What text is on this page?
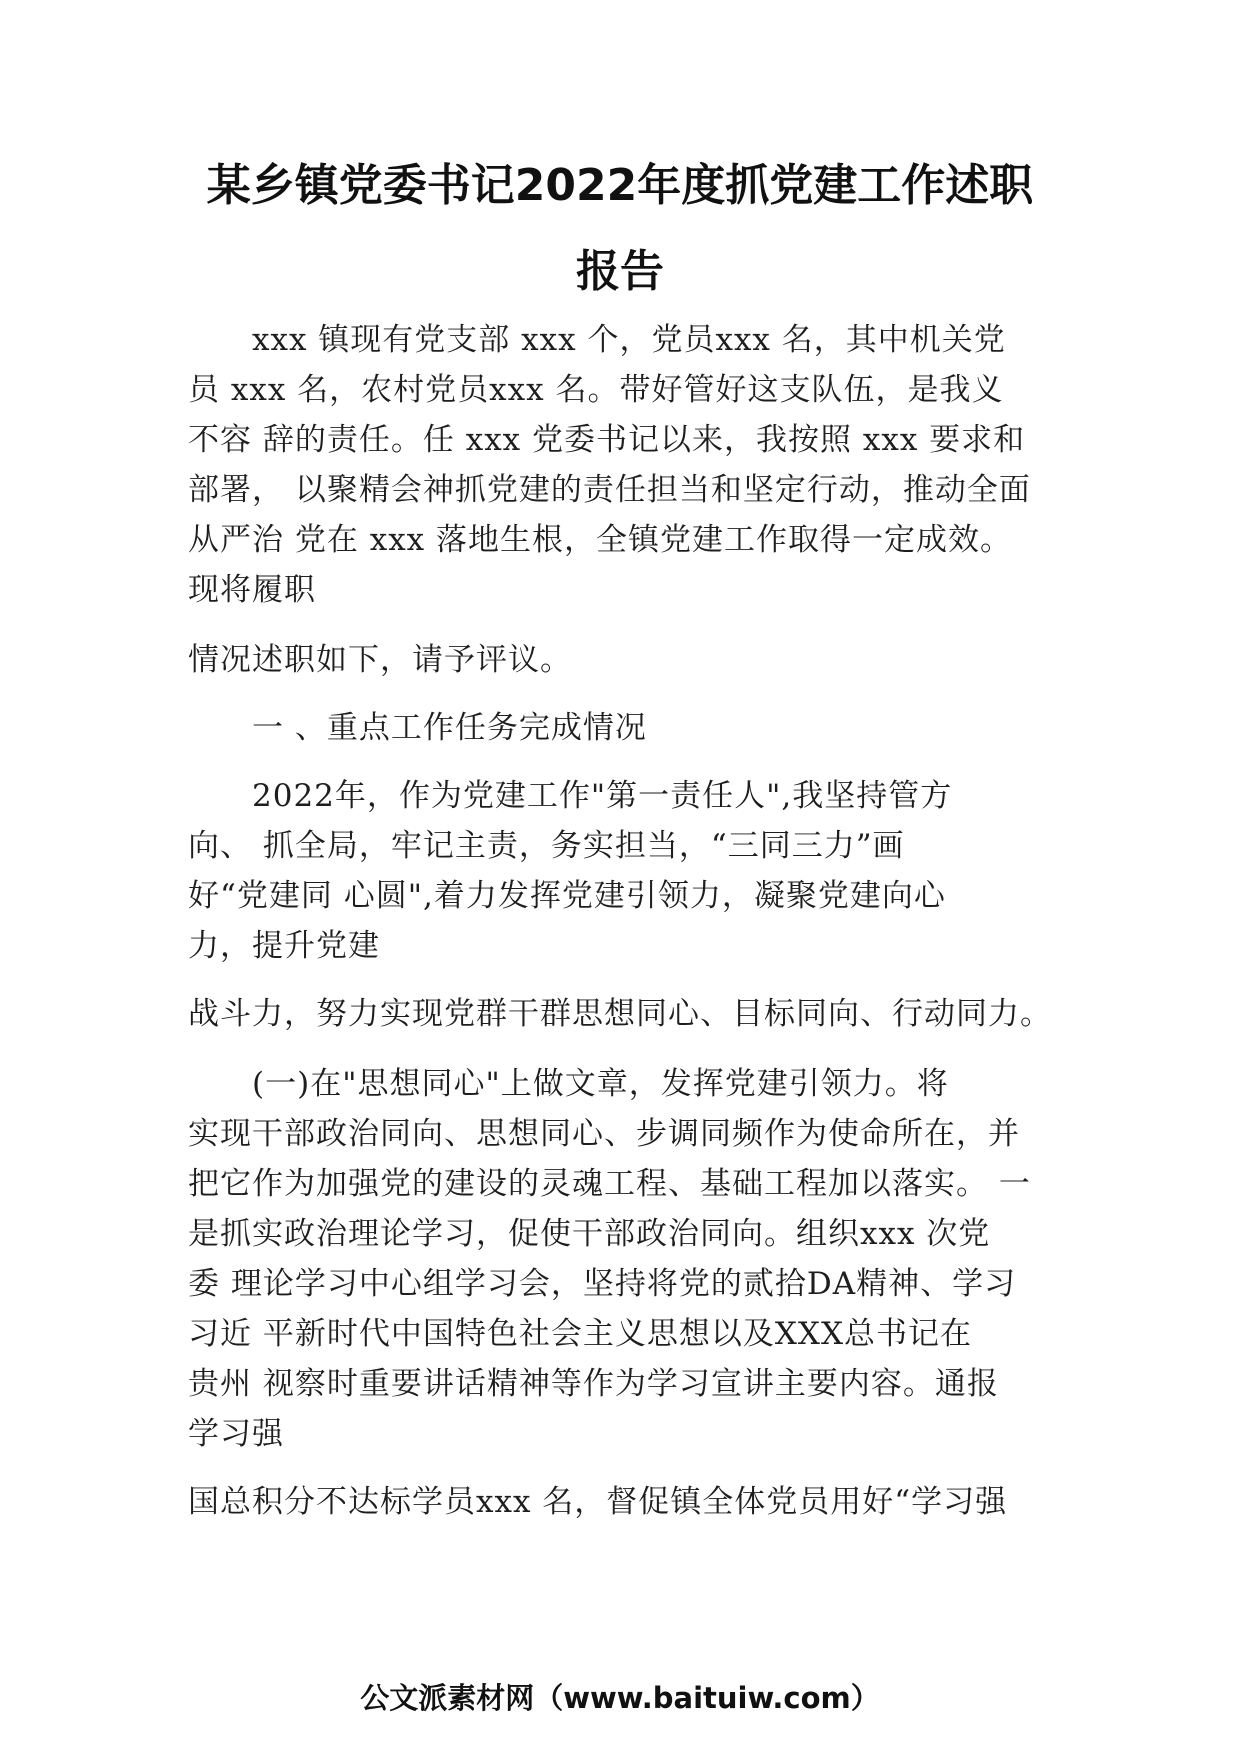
某乡镇党委书记2022年度抓党建工作述职
报告

　　xxx 镇现有党支部 xxx 个，党员xxx 名，其中机关党

员 xxx 名，农村党员xxx 名。带好管好这支队伍，是我义

不容 辞的责任。任 xxx 党委书记以来，我按照 xxx 要求和

部署， 以聚精会神抓党建的责任担当和坚定行动，推动全面

从严治 党在 xxx 落地生根，全镇党建工作取得一定成效。

现将履职

情况述职如下，请予评议。

　　一 、重点工作任务完成情况

　　2022年，作为党建工作"第一责任人",我坚持管方

向、 抓全局，牢记主责，务实担当，“三同三力”画

好“党建同 心圆",着力发挥党建引领力，凝聚党建向心

力，提升党建

战斗力，努力实现党群干群思想同心、目标同向、行动同力。

　　(一)在"思想同心"上做文章，发挥党建引领力。将

实现干部政治同向、思想同心、步调同频作为使命所在，并

把它作为加强党的建设的灵魂工程、基础工程加以落实。 一

是抓实政治理论学习，促使干部政治同向。组织xxx 次党

委 理论学习中心组学习会，坚持将党的贰拾DA精神、学习

习近 平新时代中国特色社会主义思想以及XXX总书记在

贵州 视察时重要讲话精神等作为学习宣讲主要内容。通报

学习强

国总积分不达标学员xxx 名，督促镇全体党员用好“学习强

公文派素材网（www.baituiw.com）
